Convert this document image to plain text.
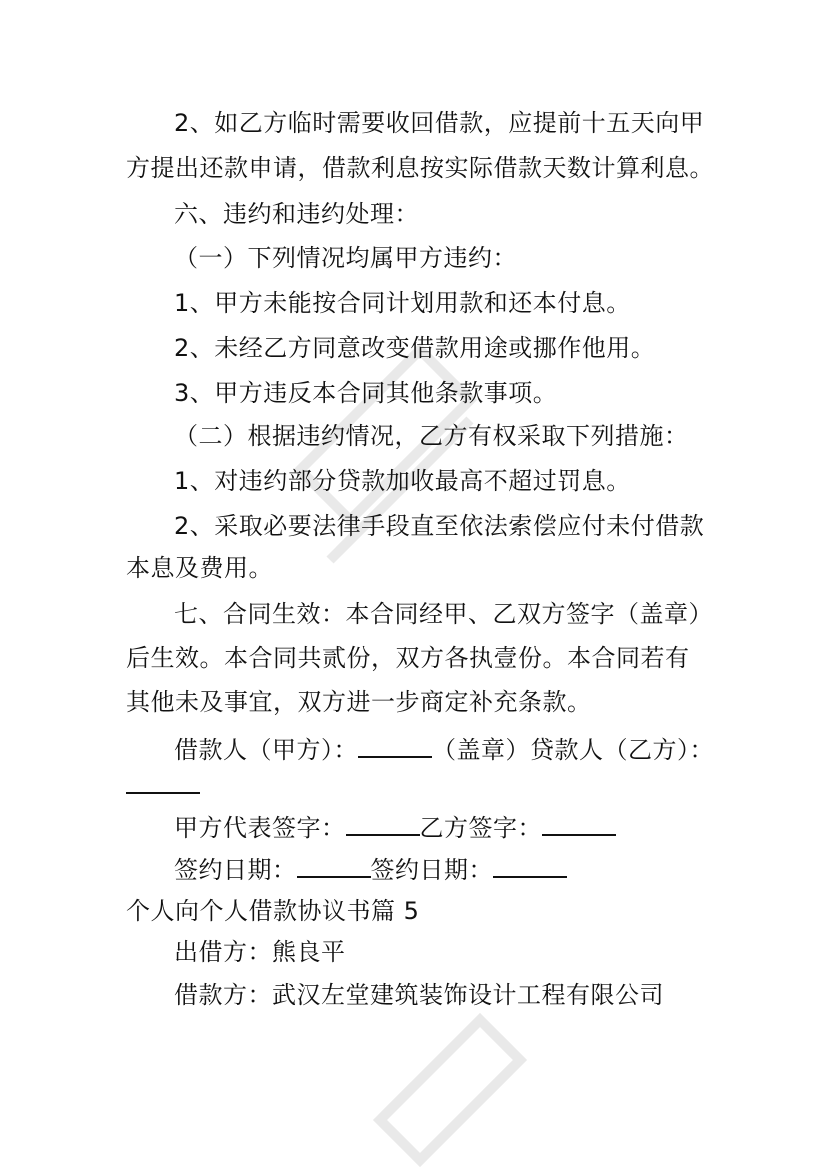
2、如乙方临时需要收回借款，应提前十五天向甲
方提出还款申请，借款利息按实际借款天数计算利息。
六、违约和违约处理：
（一）下列情况均属甲方违约：
1、甲方未能按合同计划用款和还本付息。
2、未经乙方同意改变借款用途或挪作他用。
3、甲方违反本合同其他条款事项。
（二）根据违约情况，乙方有权采取下列措施：
1、对违约部分贷款加收最高不超过罚息。
2、采取必要法律手段直至依法索偿应付未付借款
本息及费用。
七、合同生效：本合同经甲、乙双方签字（盖章）
后生效。本合同共贰份，双方各执壹份。本合同若有
其他未及事宜，双方进一步商定补充条款。
借款人（甲方）：	（盖章）贷款人（乙方）：
甲方代表签字：	乙方签字：
签约日期：	签约日期：
个人向个人借款协议书篇 5
出借方：熊良平
借款方：武汉左堂建筑装饰设计工程有限公司
